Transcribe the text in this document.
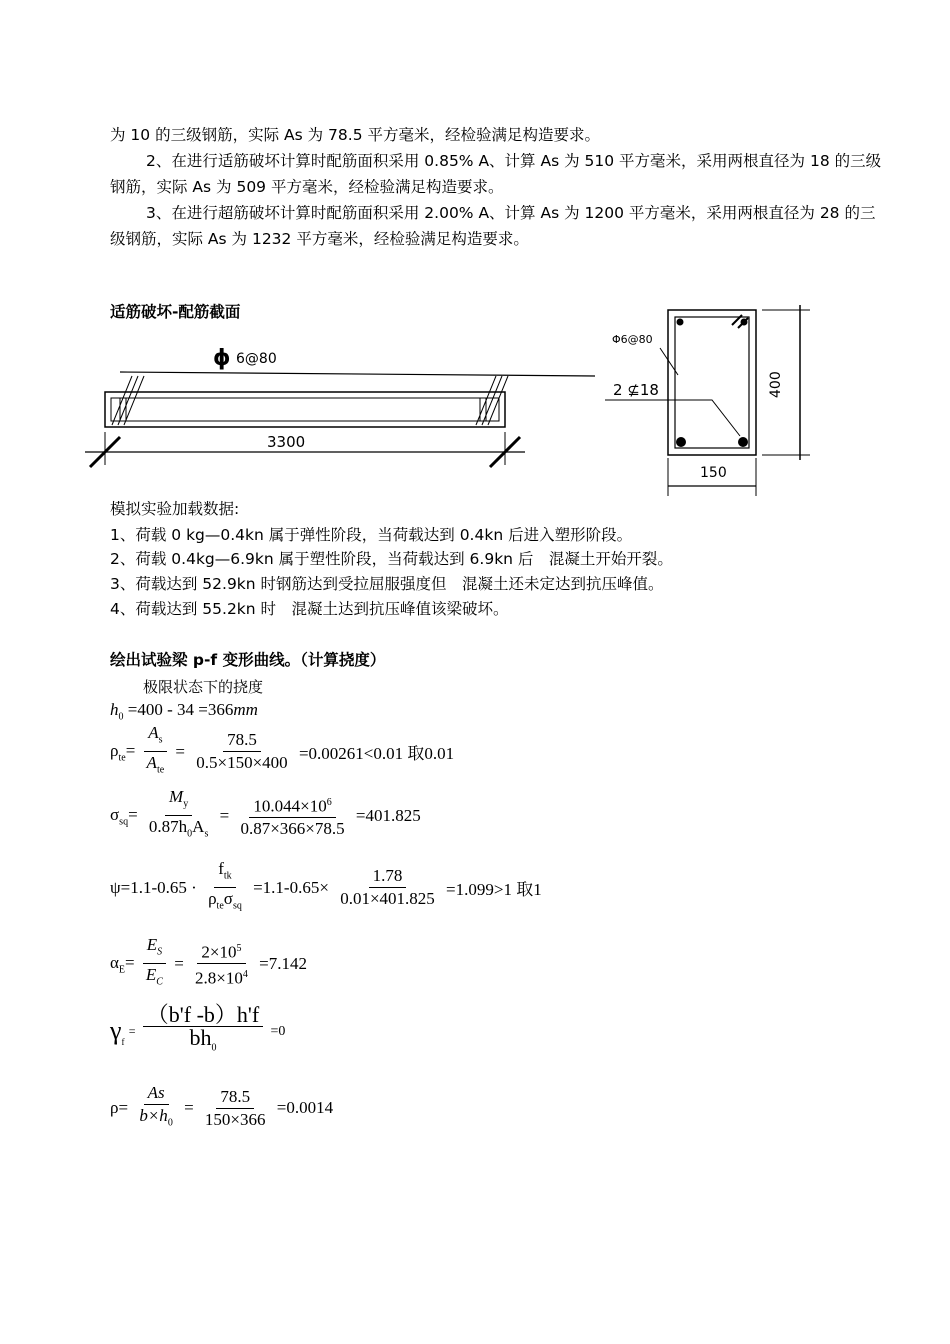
为 10 的三级钢筋，实际 As 为 78.5 平方毫米，经检验满足构造要求。
2、在进行适筋破坏计算时配筋面积采用 0.85% A、计算 As 为 510 平方毫米，采用两根直径为 18 的三级钢筋，实际 As 为 509 平方毫米，经检验满足构造要求。
3、在进行超筋破坏计算时配筋面积采用 2.00% A、计算 As 为 1200 平方毫米，采用两根直径为 28 的三级钢筋，实际 As 为 1232 平方毫米，经检验满足构造要求。
适筋破坏-配筋截面
ϕ 6@80
3300
Φ6@80
2 ⊈18	400
150
模拟实验加载数据:
1、荷载 0 kg—0.4kn 属于弹性阶段，当荷载达到 0.4kn 后进入塑形阶段。
2、荷载 0.4kg—6.9kn 属于塑性阶段，当荷载达到 6.9kn 后　混凝土开始开裂。
3、荷载达到 52.9kn 时钢筋达到受拉屈服强度但　混凝土还未定达到抗压峰值。
4、荷载达到 55.2kn 时　混凝土达到抗压峰值该梁破坏。
绘出试验梁 p-f 变形曲线。（计算挠度）
极限状态下的挠度
$h_0 =400 - 34 =366mm$
$\rho_{te}= \frac{A_s}{A_{te}} = \frac{78.5}{0.5\times 150\times 400} =0.00261<0.01$ 取0.01
$\sigma_{sq}= \frac{M_y}{0.87h_0A_s} = \frac{10.044\times 10^6}{0.87\times 366\times 78.5} =401.825$
$\psi=1.1-0.65 \cdot \frac{f_{tk}}{\rho_{te}\sigma_{sq}} =1.1-0.65\times \frac{1.78}{0.01\times 401.825} =1.099>1$ 取1
$\alpha_E= \frac{E_S}{E_C} = \frac{2\times 10^5}{2.8\times 10^4} =7.142$
$\gamma_f = \frac{(b'f -b)h'f}{bh_0} =0$
$\rho= \frac{As}{b\times h_0} = \frac{78.5}{150\times 366} =0.0014$
